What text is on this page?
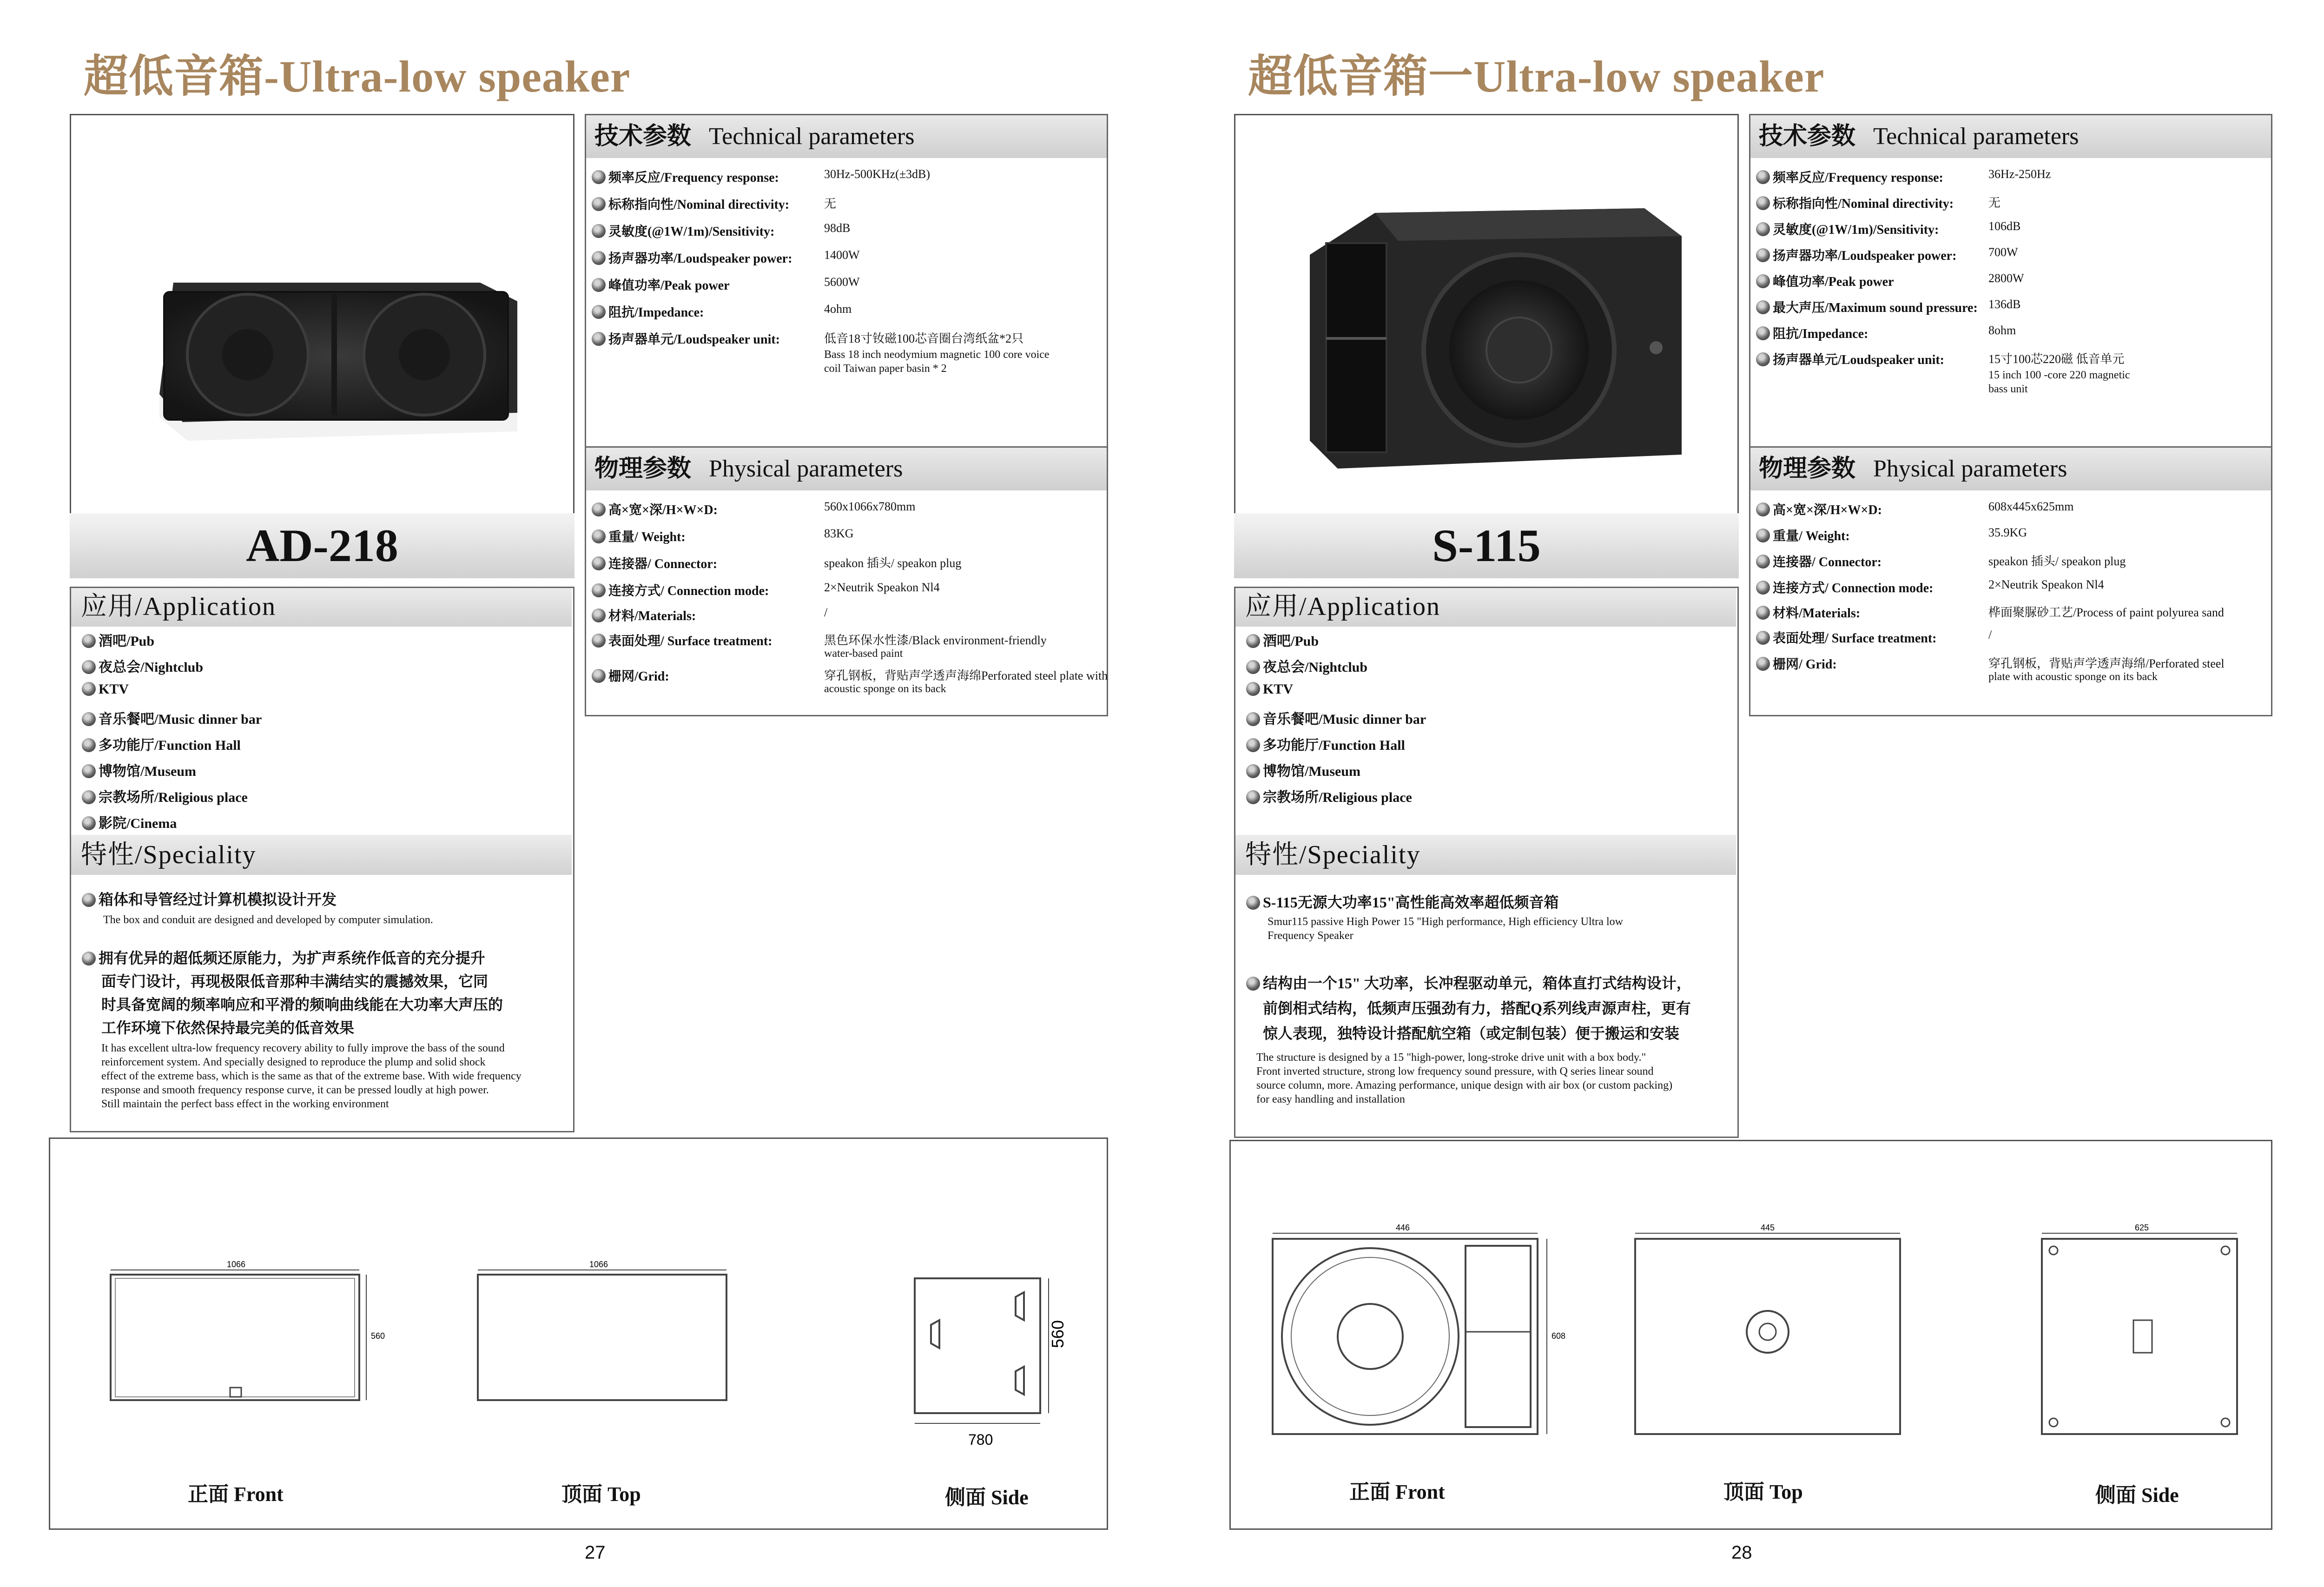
超低音箱-Ultra-low speaker
AD-218
技术参数 Technical parameters
频率反应/Frequency response:	30Hz-500KHz(±3dB)
标称指向性/Nominal directivity:	无
灵敏度(@1W/1m)/Sensitivity:	98dB
扬声器功率/Loudspeaker power:	1400W
峰值功率/Peak power	5600W
阻抗/Impedance:	4ohm
扬声器单元/Loudspeaker unit:	低音18寸钕磁100芯音圈台湾纸盆*2只
Bass 18 inch neodymium magnetic 100 core voice
coil Taiwan paper basin * 2
物理参数 Physical parameters
高×宽×深/H×W×D:	560x1066x780mm
重量/ Weight:	83KG
连接器/ Connector:	speakon 插头/ speakon plug
连接方式/ Connection mode:	2×Neutrik Speakon Nl4
材料/Materials:	/
表面处理/ Surface treatment:	黑色环保水性漆/Black environment-friendly
water-based paint
栅网/Grid:	穿孔钢板，背贴声学透声海绵Perforated steel plate with
acoustic sponge on its back
应用/Application
酒吧/Pub
夜总会/Nightclub
KTV
音乐餐吧/Music dinner bar
多功能厅/Function Hall
博物馆/Museum
宗教场所/Religious place
影院/Cinema
特性/Speciality
箱体和导管经过计算机模拟设计开发
The box and conduit are designed and developed by computer simulation.
拥有优异的超低频还原能力，为扩声系统作低音的充分提升
面专门设计，再现极限低音那种丰满结实的震撼效果，它同
时具备宽阔的频率响应和平滑的频响曲线能在大功率大声压的
工作环境下依然保持最完美的低音效果
It has excellent ultra-low frequency recovery ability to fully improve the bass of the sound
reinforcement system. And specially designed to reproduce the plump and solid shock
effect of the extreme bass, which is the same as that of the extreme base. With wide frequency
response and smooth frequency response curve, it can be pressed loudly at high power.
Still maintain the perfect bass effect in the working environment
1066
560
1066
560
780
正面 Front	顶面 Top	侧面 Side
27
超低音箱一Ultra-low speaker
S-115
技术参数 Technical parameters
频率反应/Frequency response:	36Hz-250Hz
标称指向性/Nominal directivity:	无
灵敏度(@1W/1m)/Sensitivity:	106dB
扬声器功率/Loudspeaker power:	700W
峰值功率/Peak power	2800W
最大声压/Maximum sound pressure: 136dB
阻抗/Impedance:	8ohm
扬声器单元/Loudspeaker unit:	15寸100芯220磁 低音单元
15 inch 100 -core 220 magnetic
bass unit
物理参数 Physical parameters
高×宽×深/H×W×D:	608x445x625mm
重量/ Weight:	35.9KG
连接器/ Connector:	speakon 插头/ speakon plug
连接方式/ Connection mode:	2×Neutrik Speakon Nl4
材料/Materials:	桦面聚脲砂工艺/Process of paint polyurea sand
表面处理/ Surface treatment:	/
栅网/ Grid:	穿孔钢板，背贴声学透声海绵/Perforated steel
plate with acoustic sponge on its back
应用/Application
酒吧/Pub
夜总会/Nightclub
KTV
音乐餐吧/Music dinner bar
多功能厅/Function Hall
博物馆/Museum
宗教场所/Religious place
特性/Speciality
S-115无源大功率15"高性能高效率超低频音箱
Smur115 passive High Power 15 "High performance, High efficiency Ultra low
Frequency Speaker
结构由一个15" 大功率，长冲程驱动单元，箱体直打式结构设计，
前倒相式结构，低频声压强劲有力，搭配Q系列线声源声柱，更有
惊人表现，独特设计搭配航空箱（或定制包装）便于搬运和安装
The structure is designed by a 15 "high-power, long-stroke drive unit with a box body."
Front inverted structure, strong low frequency sound pressure, with Q series linear sound
source column, more. Amazing performance, unique design with air box (or custom packing)
for easy handling and installation
446
608
445	625
正面 Front	顶面 Top	侧面 Side
28
